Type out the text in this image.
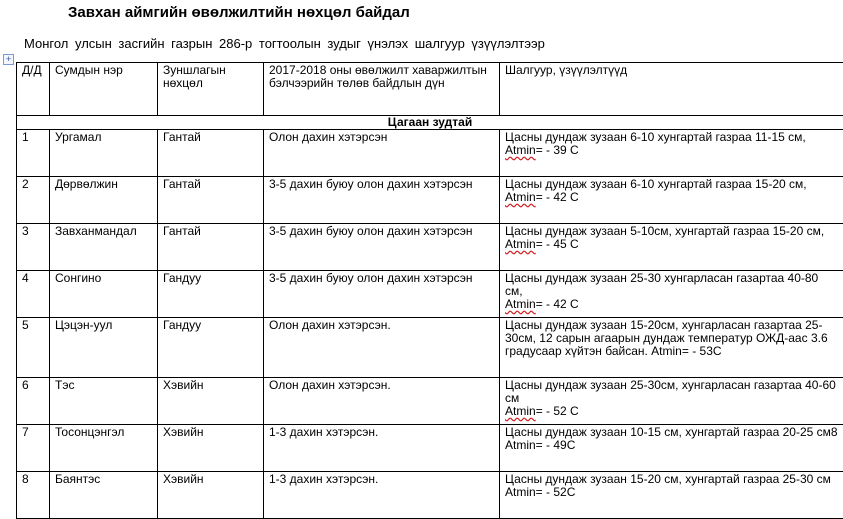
Завхан аймгийн өвөлжилтийн нөхцөл байдал
Монгол улсын засгийн газрын 286-р тогтоолын зудыг үнэлэх шалгуур үзүүлэлтээр
+
Д/Д	Сумдын нэр	Зуншлагын нөхцөл	2017-2018 оны өвөлжилт хаваржилтын бэлчээрийн төлөв байдлын дүн	Шалгуур, үзүүлэлтүүд
Цагаан зудтай				
1	Ургамал	Гантай	Олон дахин хэтэрсэн	Цасны дундаж зузаан 6-10 хунгартай газраа 11-15 см,
Atmin= - 39 С
2	Дөрвөлжин	Гантай	3-5 дахин буюу олон дахин хэтэрсэн	Цасны дундаж зузаан 6-10 хунгартай газраа 15-20 см,
Atmin= - 42 С
3	Завханмандал	Гантай	3-5 дахин буюу олон дахин хэтэрсэн	Цасны дундаж зузаан 5-10см, хунгартай газраа 15-20 см,
Atmin= - 45 С
4	Сонгино	Гандуу	3-5 дахин буюу олон дахин хэтэрсэн	Цасны дундаж зузаан 25-30 хунгарласан газартаа 40-80 см,
Atmin= - 42 С
5	Цэцэн-уул	Гандуу	Олон дахин хэтэрсэн.	Цасны дундаж зузаан 15-20см, хунгарласан газартаа 25-30см, 12 сарын агаарын дундаж температур ОЖД-аас 3.6 градусаар хүйтэн байсан. Atmin= - 53С
6	Тэс	Хэвийн	Олон дахин хэтэрсэн.	Цасны дундаж зузаан 25-30см, хунгарласан газартаа 40-60 см
Atmin= - 52 С
7	Тосонцэнгэл	Хэвийн	1-3 дахин хэтэрсэн.	Цасны дундаж зузаан 10-15 см, хунгартай газраа 20-25 см8 Atmin= - 49С
8	Баянтэс	Хэвийн	1-3 дахин хэтэрсэн.	Цасны дундаж зузаан 15-20 см, хунгартай газраа 25-30 см
Atmin= - 52С
